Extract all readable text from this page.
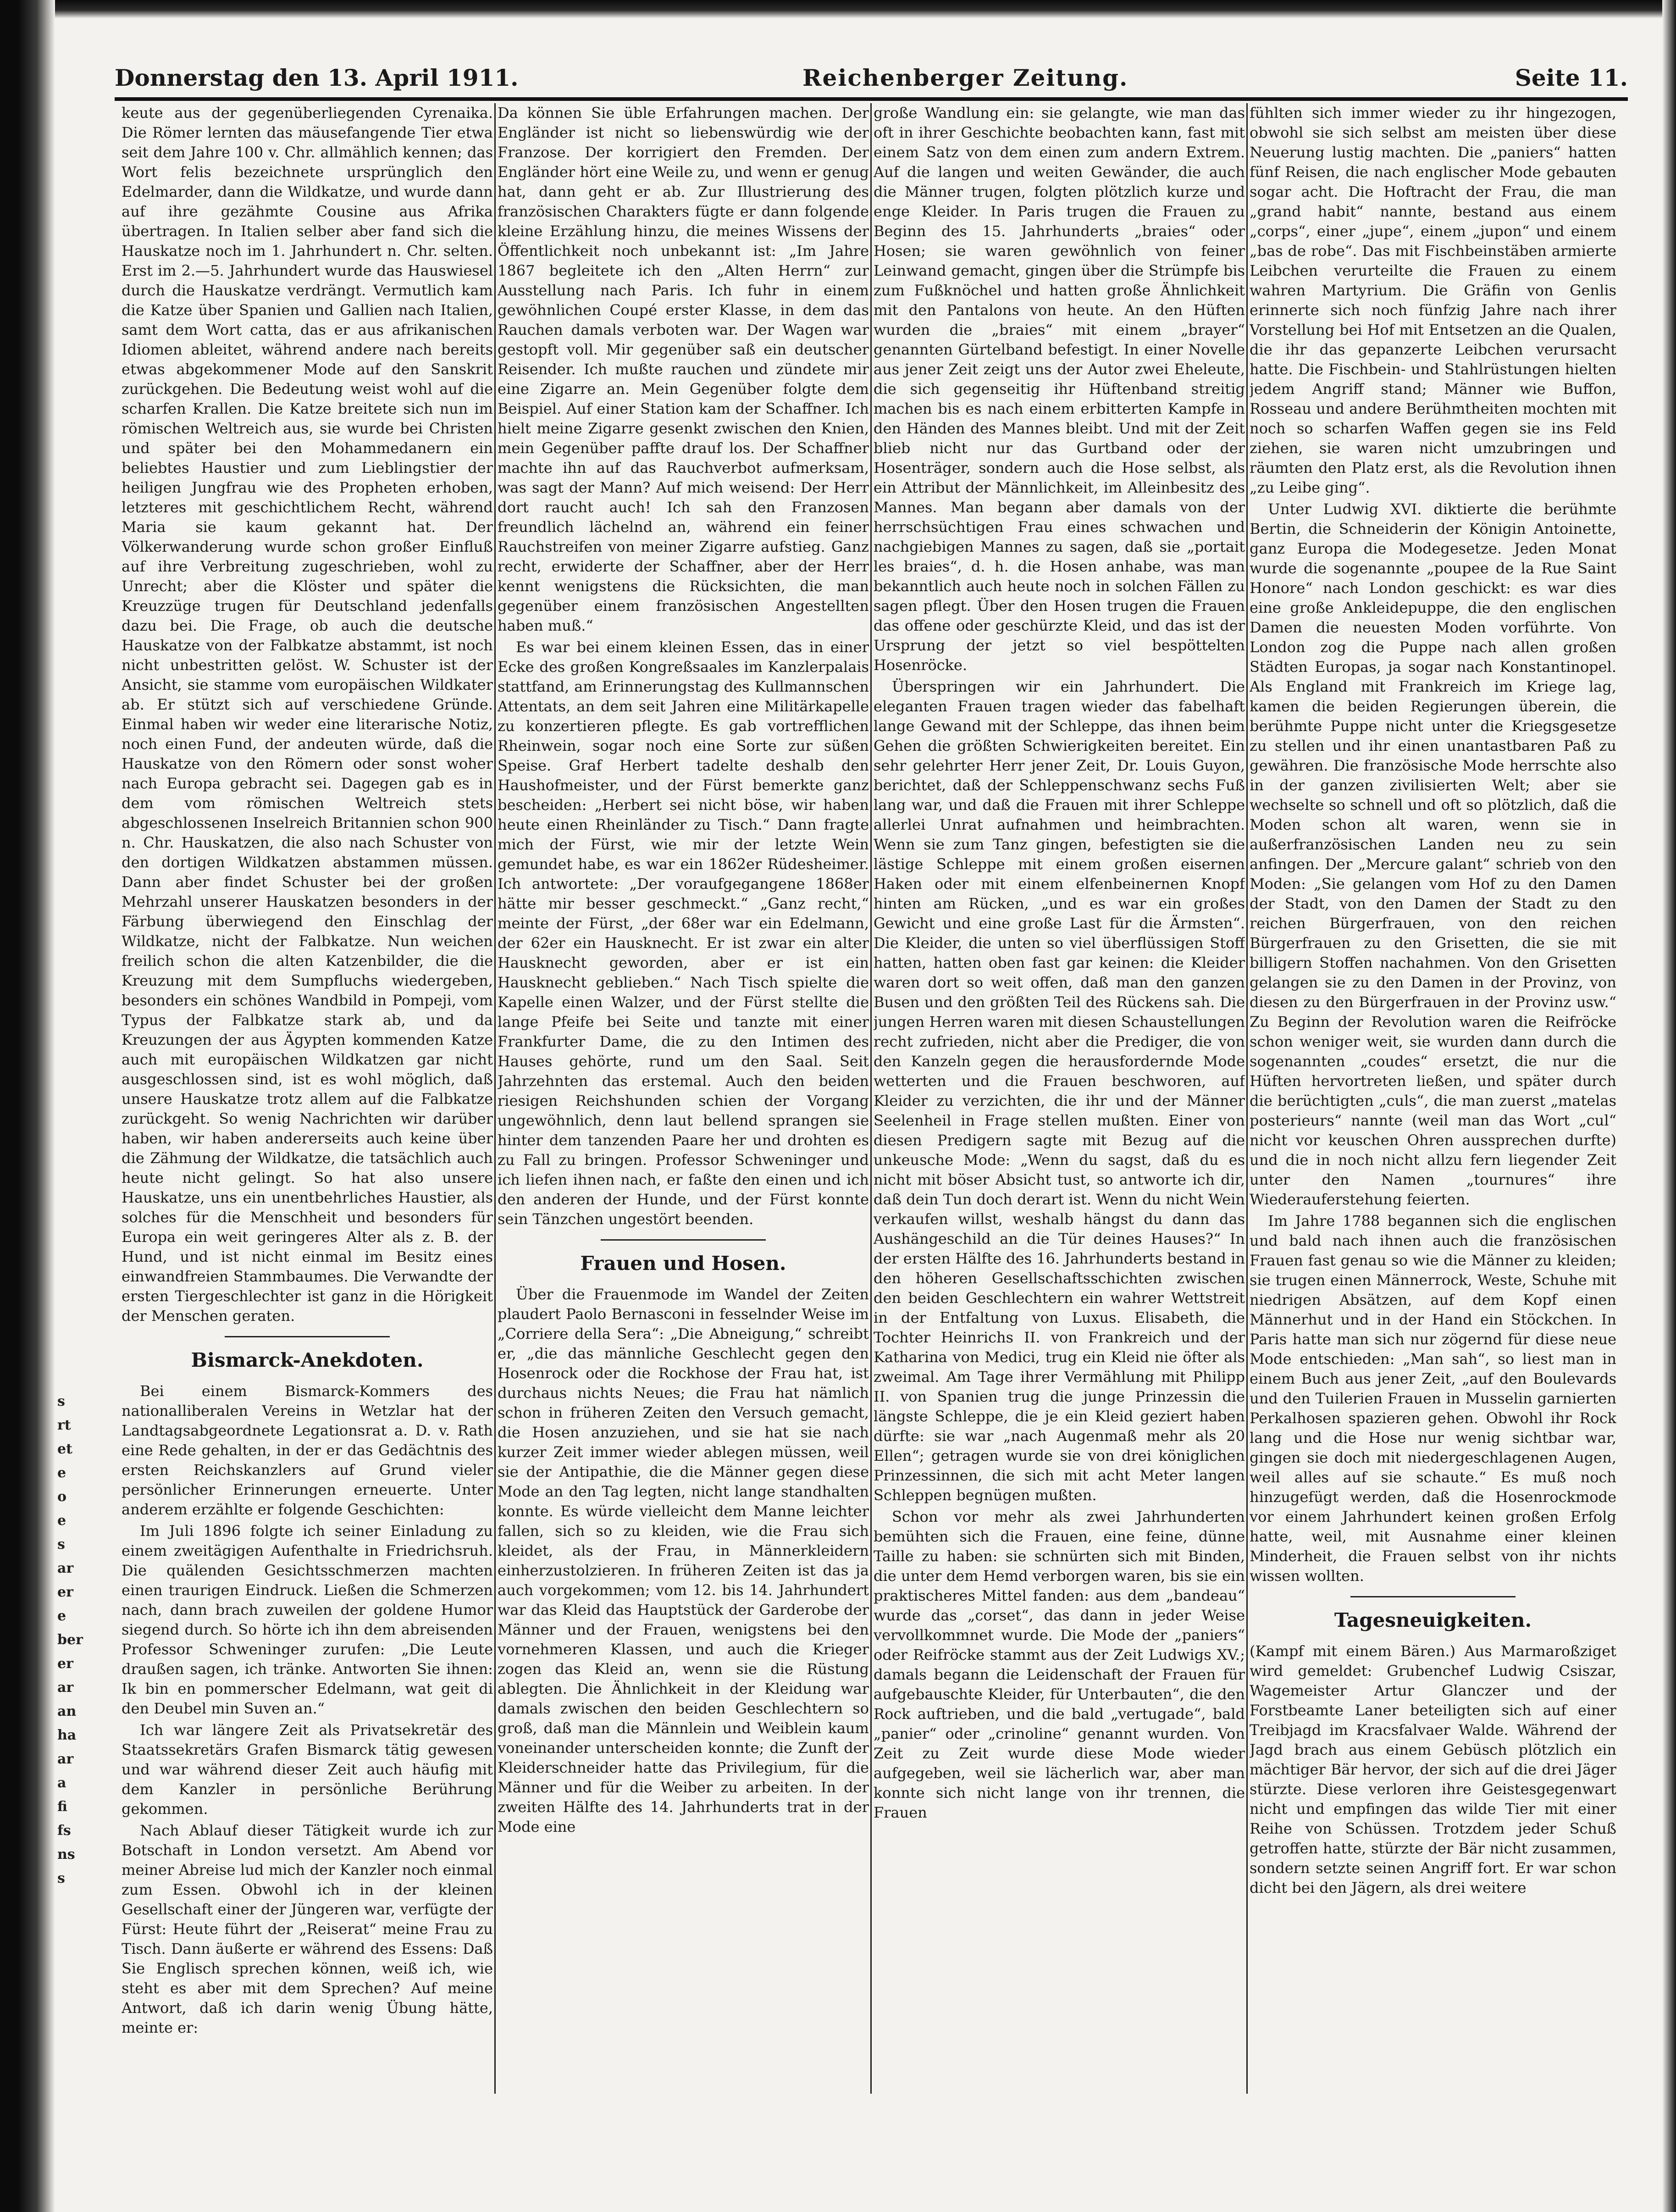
Donnerstag den 13. April 1911.	Reichenberger Zeitung.	Seite 11.
s
rt
et
e
o
e
s
ar
er
e
ber
er
ar
an
ha
ar
a
fi
fs
ns
s

keute aus der gegenüberliegenden Cyrenaika. Die Römer lernten das mäusefangende Tier etwa seit dem Jahre 100 v. Chr. allmählich kennen; das Wort felis bezeichnete ursprünglich den Edelmarder, dann die Wildkatze, und wurde dann auf ihre gezähmte Cousine aus Afrika übertragen. In Italien selber aber fand sich die Hauskatze noch im 1. Jahrhundert n. Chr. selten. Erst im 2.—5. Jahrhundert wurde das Hauswiesel durch die Hauskatze verdrängt. Vermutlich kam die Katze über Spanien und Gallien nach Italien, samt dem Wort catta, das er aus afrikanischen Idiomen ableitet, während andere nach bereits etwas abgekommener Mode auf den Sanskrit zurückgehen. Die Bedeutung weist wohl auf die scharfen Krallen. Die Katze breitete sich nun im römischen Weltreich aus, sie wurde bei Christen und später bei den Mohammedanern ein beliebtes Haustier und zum Lieblingstier der heiligen Jungfrau wie des Propheten erhoben, letzteres mit geschichtlichem Recht, während Maria sie kaum gekannt hat. Der Völkerwanderung wurde schon großer Einfluß auf ihre Verbreitung zugeschrieben, wohl zu Unrecht; aber die Klöster und später die Kreuzzüge trugen für Deutschland jedenfalls dazu bei. Die Frage, ob auch die deutsche Hauskatze von der Falbkatze abstammt, ist noch nicht unbestritten gelöst. W. Schuster ist der Ansicht, sie stamme vom europäischen Wildkater ab. Er stützt sich auf verschiedene Gründe. Einmal haben wir weder eine literarische Notiz, noch einen Fund, der andeuten würde, daß die Hauskatze von den Römern oder sonst woher nach Europa gebracht sei. Dagegen gab es in dem vom römischen Weltreich stets abgeschlossenen Inselreich Britannien schon 900 n. Chr. Hauskatzen, die also nach Schuster von den dortigen Wildkatzen abstammen müssen. Dann aber findet Schuster bei der großen Mehrzahl unserer Hauskatzen besonders in der Färbung überwiegend den Einschlag der Wildkatze, nicht der Falbkatze. Nun weichen freilich schon die alten Katzenbilder, die die Kreuzung mit dem Sumpfluchs wiedergeben, besonders ein schönes Wandbild in Pompeji, vom Typus der Falbkatze stark ab, und da Kreuzungen der aus Ägypten kommenden Katze auch mit europäischen Wildkatzen gar nicht ausgeschlossen sind, ist es wohl möglich, daß unsere Hauskatze trotz allem auf die Falbkatze zurückgeht. So wenig Nachrichten wir darüber haben, wir haben andererseits auch keine über die Zähmung der Wildkatze, die tatsächlich auch heute nicht gelingt. So hat also unsere Hauskatze, uns ein unentbehrliches Haustier, als solches für die Menschheit und besonders für Europa ein weit geringeres Alter als z. B. der Hund, und ist nicht einmal im Besitz eines einwandfreien Stammbaumes. Die Verwandte der ersten Tiergeschlechter ist ganz in die Hörigkeit der Menschen geraten.

Bismarck-Anekdoten.

Bei einem Bismarck-Kommers des nationalliberalen Vereins in Wetzlar hat der Landtagsabgeordnete Legationsrat a. D. v. Rath eine Rede gehalten, in der er das Gedächtnis des ersten Reichskanzlers auf Grund vieler persönlicher Erinnerungen erneuerte. Unter anderem erzählte er folgende Geschichten:

Im Juli 1896 folgte ich seiner Einladung zu einem zweitägigen Aufenthalte in Friedrichsruh. Die quälenden Gesichtsschmerzen machten einen traurigen Eindruck. Ließen die Schmerzen nach, dann brach zuweilen der goldene Humor siegend durch. So hörte ich ihn dem abreisenden Professor Schweninger zurufen: „Die Leute draußen sagen, ich tränke. Antworten Sie ihnen: Ik bin en pommerscher Edelmann, wat geit di den Deubel min Suven an.“

Ich war längere Zeit als Privatsekretär des Staatssekretärs Grafen Bismarck tätig gewesen und war während dieser Zeit auch häufig mit dem Kanzler in persönliche Berührung gekommen.

Nach Ablauf dieser Tätigkeit wurde ich zur Botschaft in London versetzt. Am Abend vor meiner Abreise lud mich der Kanzler noch einmal zum Essen. Obwohl ich in der kleinen Gesellschaft einer der Jüngeren war, verfügte der Fürst: Heute führt der „Reiserat“ meine Frau zu Tisch. Dann äußerte er während des Essens: Daß Sie Englisch sprechen können, weiß ich, wie steht es aber mit dem Sprechen? Auf meine Antwort, daß ich darin wenig Übung hätte, meinte er:

Da können Sie üble Erfahrungen machen. Der Engländer ist nicht so liebenswürdig wie der Franzose. Der korrigiert den Fremden. Der Engländer hört eine Weile zu, und wenn er genug hat, dann geht er ab. Zur Illustrierung des französischen Charakters fügte er dann folgende kleine Erzählung hinzu, die meines Wissens der Öffentlichkeit noch unbekannt ist: „Im Jahre 1867 begleitete ich den „Alten Herrn“ zur Ausstellung nach Paris. Ich fuhr in einem gewöhnlichen Coupé erster Klasse, in dem das Rauchen damals verboten war. Der Wagen war gestopft voll. Mir gegenüber saß ein deutscher Reisender. Ich mußte rauchen und zündete mir eine Zigarre an. Mein Gegenüber folgte dem Beispiel. Auf einer Station kam der Schaffner. Ich hielt meine Zigarre gesenkt zwischen den Knien, mein Gegenüber paffte drauf los. Der Schaffner machte ihn auf das Rauchverbot aufmerksam, was sagt der Mann? Auf mich weisend: Der Herr dort raucht auch! Ich sah den Franzosen freundlich lächelnd an, während ein feiner Rauchstreifen von meiner Zigarre aufstieg. Ganz recht, erwiderte der Schaffner, aber der Herr kennt wenigstens die Rücksichten, die man gegenüber einem französischen Angestellten haben muß.“

Es war bei einem kleinen Essen, das in einer Ecke des großen Kongreßsaales im Kanzlerpalais stattfand, am Erinnerungstag des Kullmannschen Attentats, an dem seit Jahren eine Militärkapelle zu konzertieren pflegte. Es gab vortrefflichen Rheinwein, sogar noch eine Sorte zur süßen Speise. Graf Herbert tadelte deshalb den Haushofmeister, und der Fürst bemerkte ganz bescheiden: „Herbert sei nicht böse, wir haben heute einen Rheinländer zu Tisch.“ Dann fragte mich der Fürst, wie mir der letzte Wein gemundet habe, es war ein 1862er Rüdesheimer. Ich antwortete: „Der voraufgegangene 1868er hätte mir besser geschmeckt.“ „Ganz recht,“ meinte der Fürst, „der 68er war ein Edelmann, der 62er ein Hausknecht. Er ist zwar ein alter Hausknecht geworden, aber er ist ein Hausknecht geblieben.“ Nach Tisch spielte die Kapelle einen Walzer, und der Fürst stellte die lange Pfeife bei Seite und tanzte mit einer Frankfurter Dame, die zu den Intimen des Hauses gehörte, rund um den Saal. Seit Jahrzehnten das erstemal. Auch den beiden riesigen Reichshunden schien der Vorgang ungewöhnlich, denn laut bellend sprangen sie hinter dem tanzenden Paare her und drohten es zu Fall zu bringen. Professor Schweninger und ich liefen ihnen nach, er faßte den einen und ich den anderen der Hunde, und der Fürst konnte sein Tänzchen ungestört beenden.

Frauen und Hosen.

Über die Frauenmode im Wandel der Zeiten plaudert Paolo Bernasconi in fesselnder Weise im „Corriere della Sera“: „Die Abneigung,“ schreibt er, „die das männliche Geschlecht gegen den Hosenrock oder die Rockhose der Frau hat, ist durchaus nichts Neues; die Frau hat nämlich schon in früheren Zeiten den Versuch gemacht, die Hosen anzuziehen, und sie hat sie nach kurzer Zeit immer wieder ablegen müssen, weil sie der Antipathie, die die Männer gegen diese Mode an den Tag legten, nicht lange standhalten konnte. Es würde vielleicht dem Manne leichter fallen, sich so zu kleiden, wie die Frau sich kleidet, als der Frau, in Männerkleidern einherzustolzieren. In früheren Zeiten ist das ja auch vorgekommen; vom 12. bis 14. Jahrhundert war das Kleid das Hauptstück der Garderobe der Männer und der Frauen, wenigstens bei den vornehmeren Klassen, und auch die Krieger zogen das Kleid an, wenn sie die Rüstung ablegten. Die Ähnlichkeit in der Kleidung war damals zwischen den beiden Geschlechtern so groß, daß man die Männlein und Weiblein kaum voneinander unterscheiden konnte; die Zunft der Kleiderschneider hatte das Privilegium, für die Männer und für die Weiber zu arbeiten. In der zweiten Hälfte des 14. Jahrhunderts trat in der Mode eine

große Wandlung ein: sie gelangte, wie man das oft in ihrer Geschichte beobachten kann, fast mit einem Satz von dem einen zum andern Extrem. Auf die langen und weiten Gewänder, die auch die Männer trugen, folgten plötzlich kurze und enge Kleider. In Paris trugen die Frauen zu Beginn des 15. Jahrhunderts „braies“ oder Hosen; sie waren gewöhnlich von feiner Leinwand gemacht, gingen über die Strümpfe bis zum Fußknöchel und hatten große Ähnlichkeit mit den Pantalons von heute. An den Hüften wurden die „braies“ mit einem „brayer“ genannten Gürtelband befestigt. In einer Novelle aus jener Zeit zeigt uns der Autor zwei Eheleute, die sich gegenseitig ihr Hüftenband streitig machen bis es nach einem erbitterten Kampfe in den Händen des Mannes bleibt. Und mit der Zeit blieb nicht nur das Gurtband oder der Hosenträger, sondern auch die Hose selbst, als ein Attribut der Männlichkeit, im Alleinbesitz des Mannes. Man begann aber damals von der herrschsüchtigen Frau eines schwachen und nachgiebigen Mannes zu sagen, daß sie „portait les braies“, d. h. die Hosen anhabe, was man bekanntlich auch heute noch in solchen Fällen zu sagen pflegt. Über den Hosen trugen die Frauen das offene oder geschürzte Kleid, und das ist der Ursprung der jetzt so viel bespöttelten Hosenröcke.

Überspringen wir ein Jahrhundert. Die eleganten Frauen tragen wieder das fabelhaft lange Gewand mit der Schleppe, das ihnen beim Gehen die größten Schwierigkeiten bereitet. Ein sehr gelehrter Herr jener Zeit, Dr. Louis Guyon, berichtet, daß der Schleppenschwanz sechs Fuß lang war, und daß die Frauen mit ihrer Schleppe allerlei Unrat aufnahmen und heimbrachten. Wenn sie zum Tanz gingen, befestigten sie die lästige Schleppe mit einem großen eisernen Haken oder mit einem elfenbeinernen Knopf hinten am Rücken, „und es war ein großes Gewicht und eine große Last für die Ärmsten“. Die Kleider, die unten so viel überflüssigen Stoff hatten, hatten oben fast gar keinen: die Kleider waren dort so weit offen, daß man den ganzen Busen und den größten Teil des Rückens sah. Die jungen Herren waren mit diesen Schaustellungen recht zufrieden, nicht aber die Prediger, die von den Kanzeln gegen die herausfordernde Mode wetterten und die Frauen beschworen, auf Kleider zu verzichten, die ihr und der Männer Seelenheil in Frage stellen mußten. Einer von diesen Predigern sagte mit Bezug auf die unkeusche Mode: „Wenn du sagst, daß du es nicht mit böser Absicht tust, so antworte ich dir, daß dein Tun doch derart ist. Wenn du nicht Wein verkaufen willst, weshalb hängst du dann das Aushängeschild an die Tür deines Hauses?“ In der ersten Hälfte des 16. Jahrhunderts bestand in den höheren Gesellschaftsschichten zwischen den beiden Geschlechtern ein wahrer Wettstreit in der Entfaltung von Luxus. Elisabeth, die Tochter Heinrichs II. von Frankreich und der Katharina von Medici, trug ein Kleid nie öfter als zweimal. Am Tage ihrer Vermählung mit Philipp II. von Spanien trug die junge Prinzessin die längste Schleppe, die je ein Kleid geziert haben dürfte: sie war „nach Augenmaß mehr als 20 Ellen“; getragen wurde sie von drei königlichen Prinzessinnen, die sich mit acht Meter langen Schleppen begnügen mußten.

Schon vor mehr als zwei Jahrhunderten bemühten sich die Frauen, eine feine, dünne Taille zu haben: sie schnürten sich mit Binden, die unter dem Hemd verborgen waren, bis sie ein praktischeres Mittel fanden: aus dem „bandeau“ wurde das „corset“, das dann in jeder Weise vervollkommnet wurde. Die Mode der „paniers“ oder Reifröcke stammt aus der Zeit Ludwigs XV.; damals begann die Leidenschaft der Frauen für aufgebauschte Kleider, für Unterbauten“, die den Rock auftrieben, und die bald „vertugade“, bald „panier“ oder „crinoline“ genannt wurden. Von Zeit zu Zeit wurde diese Mode wieder aufgegeben, weil sie lächerlich war, aber man konnte sich nicht lange von ihr trennen, die Frauen

fühlten sich immer wieder zu ihr hingezogen, obwohl sie sich selbst am meisten über diese Neuerung lustig machten. Die „paniers“ hatten fünf Reisen, die nach englischer Mode gebauten sogar acht. Die Hoftracht der Frau, die man „grand habit“ nannte, bestand aus einem „corps“, einer „jupe“, einem „jupon“ und einem „bas de robe“. Das mit Fischbeinstäben armierte Leibchen verurteilte die Frauen zu einem wahren Martyrium. Die Gräfin von Genlis erinnerte sich noch fünfzig Jahre nach ihrer Vorstellung bei Hof mit Entsetzen an die Qualen, die ihr das gepanzerte Leibchen verursacht hatte. Die Fischbein- und Stahlrüstungen hielten jedem Angriff stand; Männer wie Buffon, Rosseau und andere Berühmtheiten mochten mit noch so scharfen Waffen gegen sie ins Feld ziehen, sie waren nicht umzubringen und räumten den Platz erst, als die Revolution ihnen „zu Leibe ging“.

Unter Ludwig XVI. diktierte die berühmte Bertin, die Schneiderin der Königin Antoinette, ganz Europa die Modegesetze. Jeden Monat wurde die sogenannte „poupee de la Rue Saint Honore“ nach London geschickt: es war dies eine große Ankleidepuppe, die den englischen Damen die neuesten Moden vorführte. Von London zog die Puppe nach allen großen Städten Europas, ja sogar nach Konstantinopel. Als England mit Frankreich im Kriege lag, kamen die beiden Regierungen überein, die berühmte Puppe nicht unter die Kriegsgesetze zu stellen und ihr einen unantastbaren Paß zu gewähren. Die französische Mode herrschte also in der ganzen zivilisierten Welt; aber sie wechselte so schnell und oft so plötzlich, daß die Moden schon alt waren, wenn sie in außerfranzösischen Landen neu zu sein anfingen. Der „Mercure galant“ schrieb von den Moden: „Sie gelangen vom Hof zu den Damen der Stadt, von den Damen der Stadt zu den reichen Bürgerfrauen, von den reichen Bürgerfrauen zu den Grisetten, die sie mit billigern Stoffen nachahmen. Von den Grisetten gelangen sie zu den Damen in der Provinz, von diesen zu den Bürgerfrauen in der Provinz usw.“ Zu Beginn der Revolution waren die Reifröcke schon weniger weit, sie wurden dann durch die sogenannten „coudes“ ersetzt, die nur die Hüften hervortreten ließen, und später durch die berüchtigten „culs“, die man zuerst „matelas posterieurs“ nannte (weil man das Wort „cul“ nicht vor keuschen Ohren aussprechen durfte) und die in noch nicht allzu fern liegender Zeit unter den Namen „tournures“ ihre Wiederauferstehung feierten.

Im Jahre 1788 begannen sich die englischen und bald nach ihnen auch die französischen Frauen fast genau so wie die Männer zu kleiden; sie trugen einen Männerrock, Weste, Schuhe mit niedrigen Absätzen, auf dem Kopf einen Männerhut und in der Hand ein Stöckchen. In Paris hatte man sich nur zögernd für diese neue Mode entschieden: „Man sah“, so liest man in einem Buch aus jener Zeit, „auf den Boulevards und den Tuilerien Frauen in Musselin garnierten Perkalhosen spazieren gehen. Obwohl ihr Rock lang und die Hose nur wenig sichtbar war, gingen sie doch mit niedergeschlagenen Augen, weil alles auf sie schaute.“ Es muß noch hinzugefügt werden, daß die Hosenrockmode vor einem Jahrhundert keinen großen Erfolg hatte, weil, mit Ausnahme einer kleinen Minderheit, die Frauen selbst von ihr nichts wissen wollten.

Tagesneuigkeiten.

(Kampf mit einem Bären.) Aus Marmaroßziget wird gemeldet: Grubenchef Ludwig Csiszar, Wagemeister Artur Glanczer und der Forstbeamte Laner beteiligten sich auf einer Treibjagd im Kracsfalvaer Walde. Während der Jagd brach aus einem Gebüsch plötzlich ein mächtiger Bär hervor, der sich auf die drei Jäger stürzte. Diese verloren ihre Geistesgegenwart nicht und empfingen das wilde Tier mit einer Reihe von Schüssen. Trotzdem jeder Schuß getroffen hatte, stürzte der Bär nicht zusammen, sondern setzte seinen Angriff fort. Er war schon dicht bei den Jägern, als drei weitere
